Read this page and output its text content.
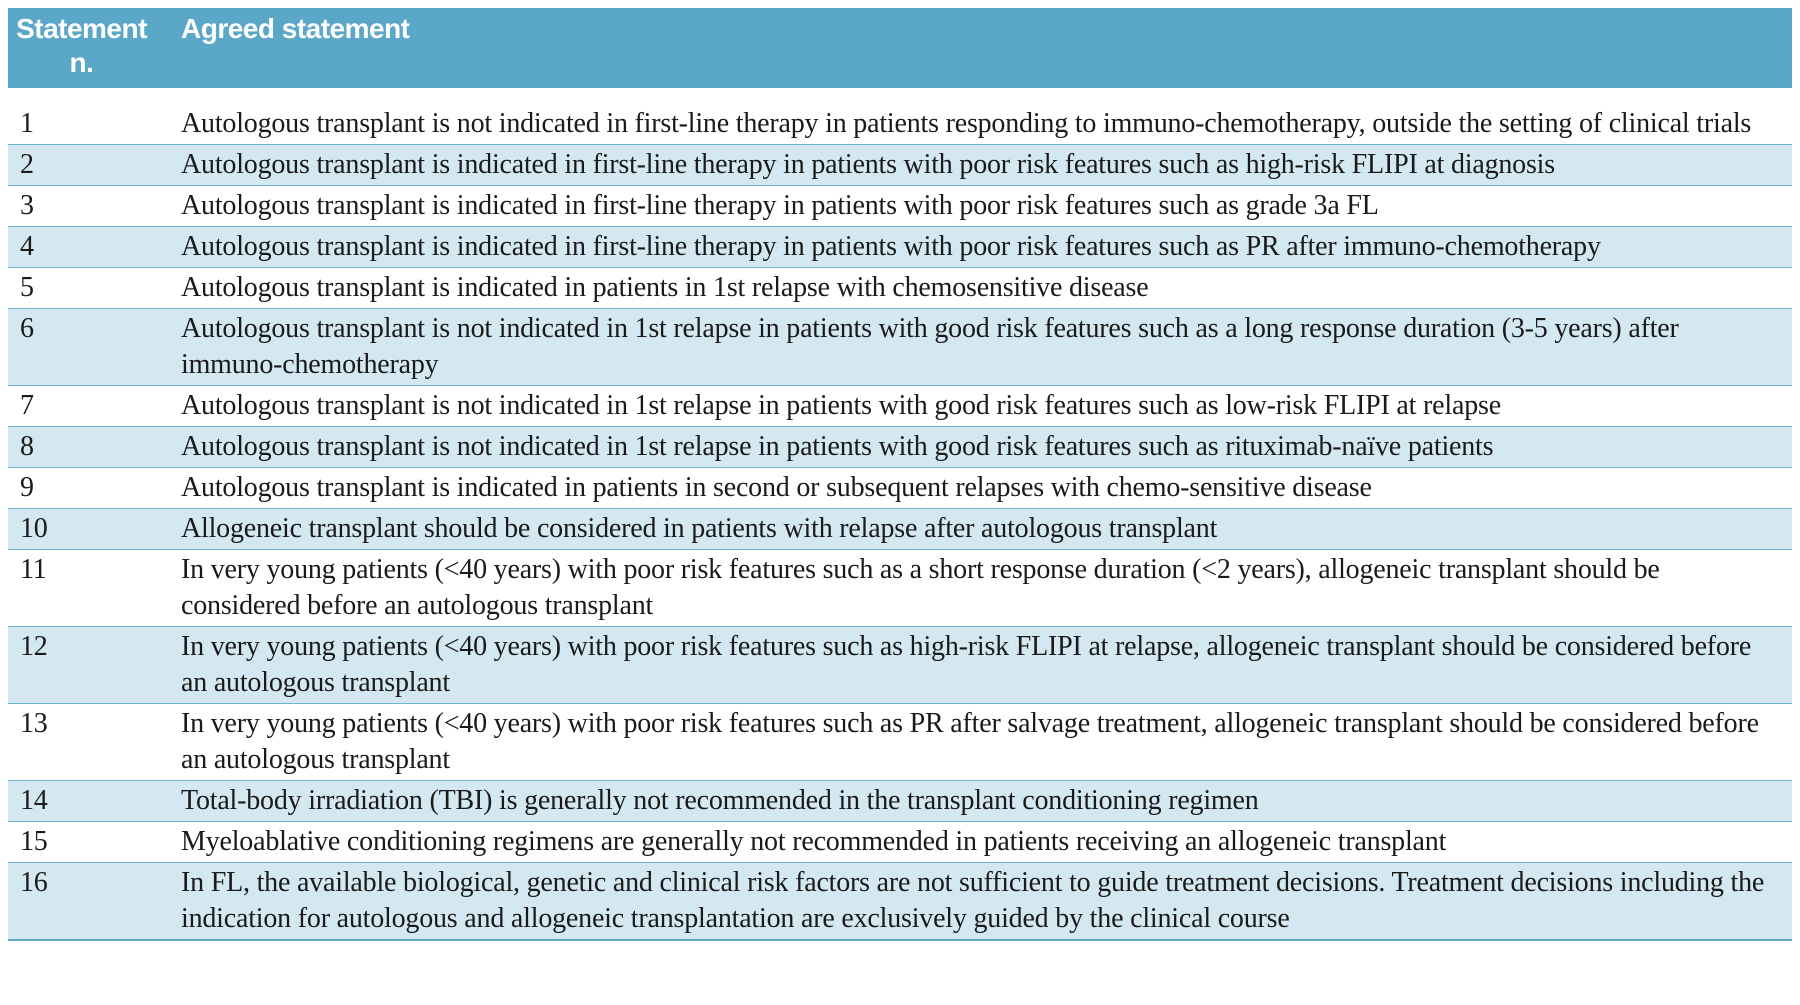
Statement
n.	Agreed statement
1	Autologous transplant is not indicated in first-line therapy in patients responding to immuno-chemotherapy, outside the setting of clinical trials
2	Autologous transplant is indicated in first-line therapy in patients with poor risk features such as high-risk FLIPI at diagnosis
3	Autologous transplant is indicated in first-line therapy in patients with poor risk features such as grade 3a FL
4	Autologous transplant is indicated in first-line therapy in patients with poor risk features such as PR after immuno-chemotherapy
5	Autologous transplant is indicated in patients in 1st relapse with chemosensitive disease
6	Autologous transplant is not indicated in 1st relapse in patients with good risk features such as a long response duration (3-5 years) after immuno-chemotherapy
7	Autologous transplant is not indicated in 1st relapse in patients with good risk features such as low-risk FLIPI at relapse
8	Autologous transplant is not indicated in 1st relapse in patients with good risk features such as rituximab-naïve patients
9	Autologous transplant is indicated in patients in second or subsequent relapses with chemo-sensitive disease
10	Allogeneic transplant should be considered in patients with relapse after autologous transplant
11	In very young patients (<40 years) with poor risk features such as a short response duration (<2 years), allogeneic transplant should be considered before an autologous transplant
12	In very young patients (<40 years) with poor risk features such as high-risk FLIPI at relapse, allogeneic transplant should be considered before an autologous transplant
13	In very young patients (<40 years) with poor risk features such as PR after salvage treatment, allogeneic transplant should be considered before an autologous transplant
14	Total-body irradiation (TBI) is generally not recommended in the transplant conditioning regimen
15	Myeloablative conditioning regimens are generally not recommended in patients receiving an allogeneic transplant
16	In FL, the available biological, genetic and clinical risk factors are not sufficient to guide treatment decisions. Treatment decisions including the indication for autologous and allogeneic transplantation are exclusively guided by the clinical course
